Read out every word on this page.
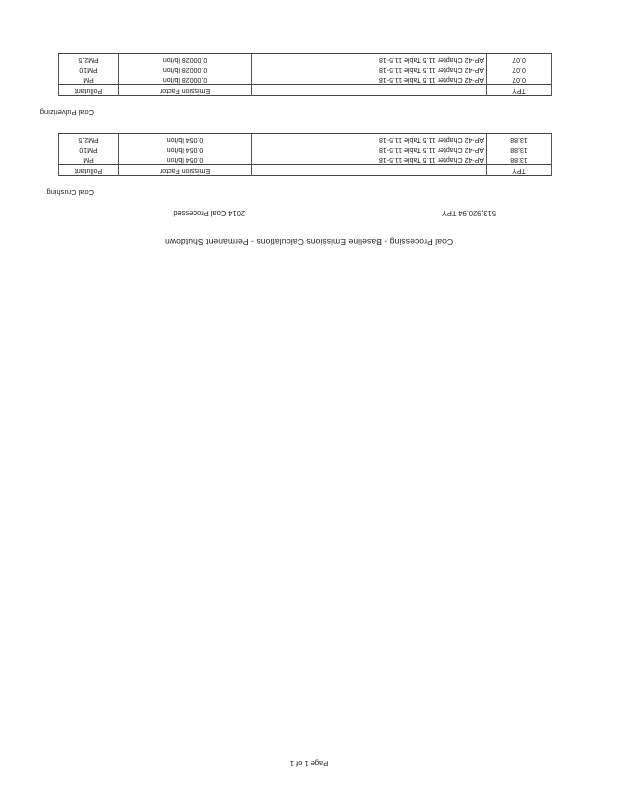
Coal Processing - Baseline Emissions Calculations - Permanent Shutdown
2014 Coal Processed	513,920.94 TPY
Coal Crushing
TPY		Emission Factor	Pollutant
13.88	AP-42 Chapter 11.5 Table 11.5-18	0.054 lb/ton	PM
13.88	AP-42 Chapter 11.5 Table 11.5-18	0.054 lb/ton	PM10
13.88	AP-42 Chapter 11.5 Table 11.5-18	0.054 lb/ton	PM2.5
Coal Pulverizing
TPY		Emission Factor	Pollutant
0.07	AP-42 Chapter 11.5 Table 11.5-18	0.00028 lb/ton	PM
0.07	AP-42 Chapter 11.5 Table 11.5-18	0.00028 lb/ton	PM10
0.07	AP-42 Chapter 11.5 Table 11.5-18	0.00028 lb/ton	PM2.5
Page 1 of 1
